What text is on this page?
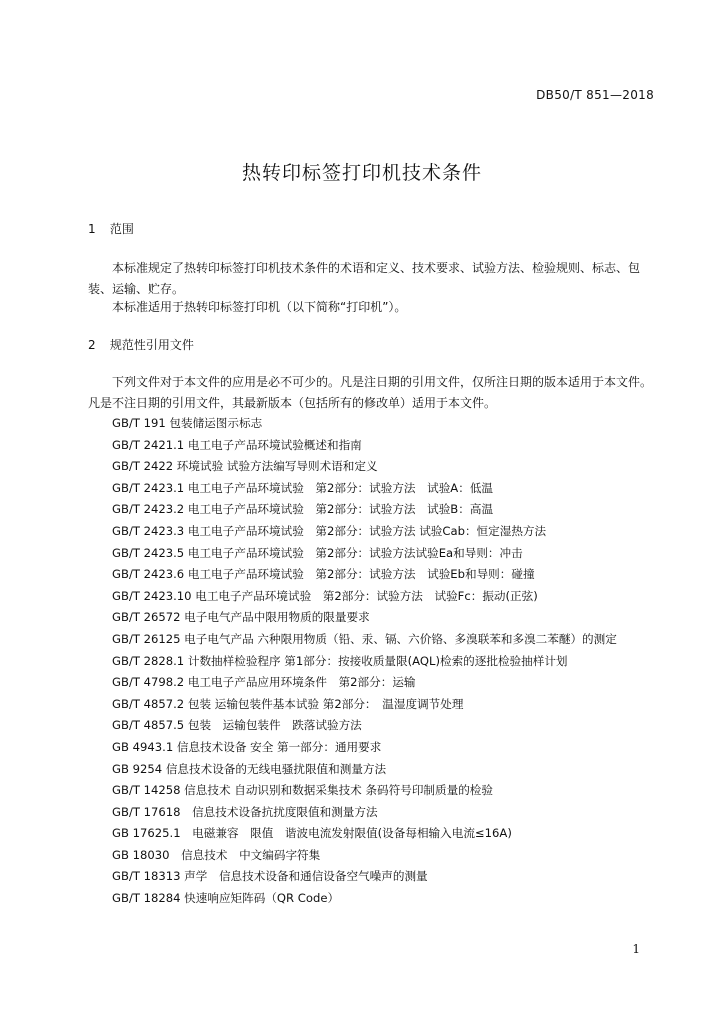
DB50/T 851—2018
热转印标签打印机技术条件
1 范围

本标准规定了热转印标签打印机技术条件的术语和定义、技术要求、试验方法、检验规则、标志、包装、运输、贮存。

本标准适用于热转印标签打印机（以下简称“打印机”）。

2 规范性引用文件

下列文件对于本文件的应用是必不可少的。凡是注日期的引用文件，仅所注日期的版本适用于本文件。凡是不注日期的引用文件，其最新版本（包括所有的修改单）适用于本文件。

GB/T 191 包装储运图示标志
GB/T 2421.1 电工电子产品环境试验概述和指南
GB/T 2422 环境试验 试验方法编写导则术语和定义
GB/T 2423.1 电工电子产品环境试验　第2部分：试验方法　试验A：低温
GB/T 2423.2 电工电子产品环境试验　第2部分：试验方法　试验B：高温
GB/T 2423.3 电工电子产品环境试验　第2部分：试验方法 试验Cab：恒定湿热方法
GB/T 2423.5 电工电子产品环境试验　第2部分：试验方法试验Ea和导则：冲击
GB/T 2423.6 电工电子产品环境试验　第2部分：试验方法　试验Eb和导则：碰撞
GB/T 2423.10 电工电子产品环境试验　第2部分：试验方法　试验Fc：振动(正弦)
GB/T 26572 电子电气产品中限用物质的限量要求
GB/T 26125 电子电气产品 六种限用物质（铅、汞、镉、六价铬、多溴联苯和多溴二苯醚）的测定
GB/T 2828.1 计数抽样检验程序 第1部分：按接收质量限(AQL)检索的逐批检验抽样计划
GB/T 4798.2 电工电子产品应用环境条件　第2部分：运输
GB/T 4857.2 包装 运输包装件基本试验 第2部分：　温湿度调节处理
GB/T 4857.5 包装　运输包装件　跌落试验方法
GB 4943.1 信息技术设备 安全 第一部分：通用要求
GB 9254 信息技术设备的无线电骚扰限值和测量方法
GB/T 14258 信息技术 自动识别和数据采集技术 条码符号印制质量的检验
GB/T 17618　信息技术设备抗扰度限值和测量方法
GB 17625.1　电磁兼容　限值　谐波电流发射限值(设备每相输入电流≤16A)
GB 18030　信息技术　中文编码字符集
GB/T 18313 声学　信息技术设备和通信设备空气噪声的测量
GB/T 18284 快速响应矩阵码（QR Code）
1
